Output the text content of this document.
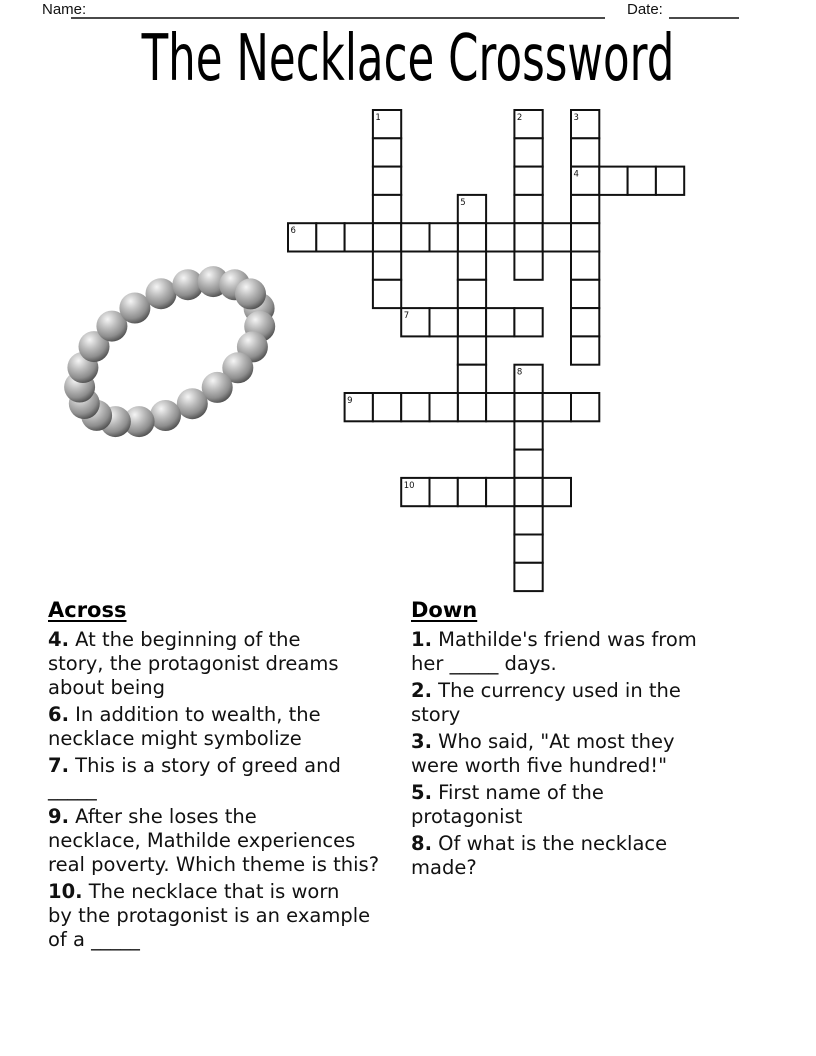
Name:	Date:
The Necklace Crossword
1	2	3
4
5
6
7
8
9
10
Across

4. At the beginning of the
story, the protagonist dreams
about being

6. In addition to wealth, the
necklace might symbolize

7. This is a story of greed and
_____

9. After she loses the
necklace, Mathilde experiences
real poverty. Which theme is this?

10. The necklace that is worn
by the protagonist is an example
of a _____

Down

1. Mathilde's friend was from
her _____ days.

2. The currency used in the
story

3. Who said, "At most they
were worth five hundred!"

5. First name of the
protagonist

8. Of what is the necklace
made?
